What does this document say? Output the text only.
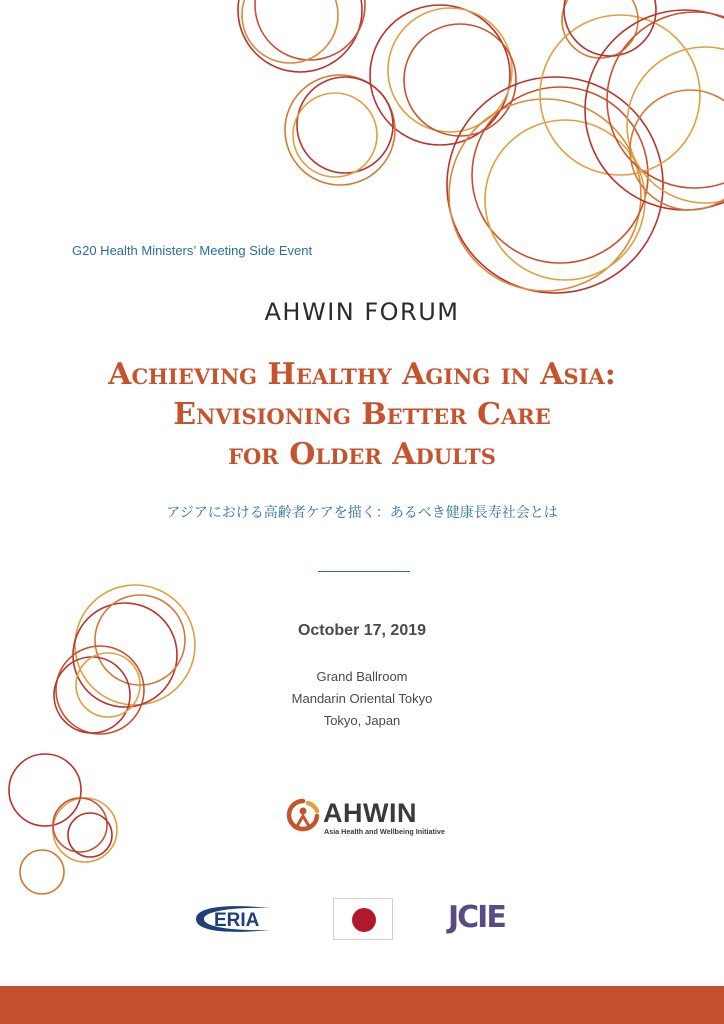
G20 Health Ministers’ Meeting Side Event
AHWIN FORUM
Achieving Healthy Aging in Asia:
Envisioning Better Care
for Older Adults
アジアにおける高齢者ケアを描く：あるべき健康長寿社会とは
October 17, 2019
Grand Ballroom
Mandarin Oriental Tokyo
Tokyo, Japan
AHWIN
Asia Health and Wellbeing Initiative
ERIA	JCIE
